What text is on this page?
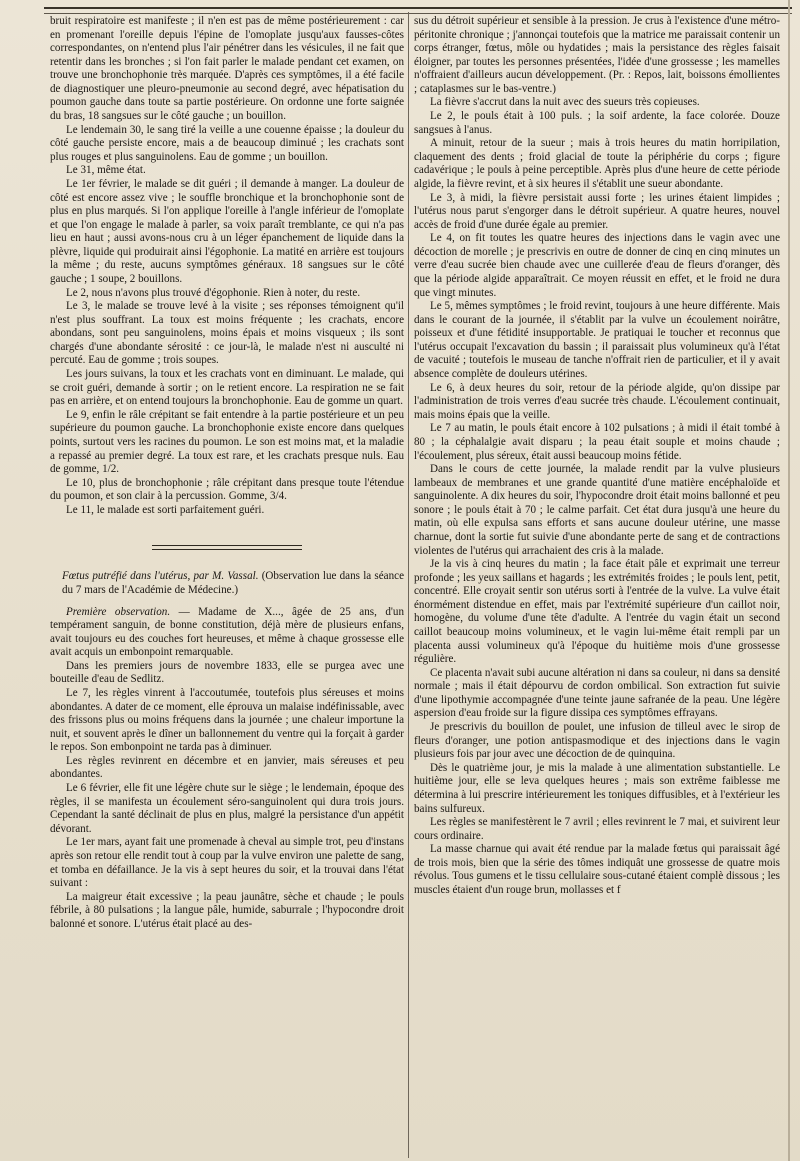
bruit respiratoire est manifeste ; il n'en est pas de même postérieurement : car en promenant l'oreille depuis l'épine de l'omoplate jusqu'aux fausses-côtes correspondantes, on n'entend plus l'air pénétrer dans les vésicules, il ne fait que retentir dans les bronches ; si l'on fait parler le malade pendant cet examen, on trouve une bronchophonie très marquée. D'après ces symptômes, il a été facile de diagnostiquer une pleuro-pneumonie au second degré, avec hépatisation du poumon gauche dans toute sa partie postérieure. On ordonne une forte saignée du bras, 18 sangsues sur le côté gauche ; un bouillon.

Le lendemain 30, le sang tiré la veille a une couenne épaisse ; la douleur du côté gauche persiste encore, mais a de beaucoup diminué ; les crachats sont plus rouges et plus sanguinolens. Eau de gomme ; un bouillon.

Le 31, même état.

Le 1er février, le malade se dit guéri ; il demande à manger. La douleur de côté est encore assez vive ; le souffle bronchique et la bronchophonie sont de plus en plus marqués. Si l'on applique l'oreille à l'angle inférieur de l'omoplate et que l'on engage le malade à parler, sa voix paraît tremblante, ce qui n'a pas lieu en haut ; aussi avons-nous cru à un léger épanchement de liquide dans la plèvre, liquide qui produirait ainsi l'égophonie. La matité en arrière est toujours la même ; du reste, aucuns symptômes généraux. 18 sangsues sur le côté gauche ; 1 soupe, 2 bouillons.

Le 2, nous n'avons plus trouvé d'égophonie. Rien à noter, du reste.

Le 3, le malade se trouve levé à la visite ; ses réponses témoignent qu'il n'est plus souffrant. La toux est moins fréquente ; les crachats, encore abondans, sont peu sanguinolens, moins épais et moins visqueux ; ils sont chargés d'une abondante sérosité : ce jour-là, le malade n'est ni ausculté ni percuté. Eau de gomme ; trois soupes.

Les jours suivans, la toux et les crachats vont en diminuant. Le malade, qui se croit guéri, demande à sortir ; on le retient encore. La respiration ne se fait pas en arrière, et on entend toujours la bronchophonie. Eau de gomme un quart.

Le 9, enfin le râle crépitant se fait entendre à la partie postérieure et un peu supérieure du poumon gauche. La bronchophonie existe encore dans quelques points, surtout vers les racines du poumon. Le son est moins mat, et la maladie a repassé au premier degré. La toux est rare, et les crachats presque nuls. Eau de gomme, 1/2.

Le 10, plus de bronchophonie ; râle crépitant dans presque toute l'étendue du poumon, et son clair à la percussion. Gomme, 3/4.

Le 11, le malade est sorti parfaitement guéri.

Fœtus putréfié dans l'utérus, par M. Vassal. (Observation lue dans la séance du 7 mars de l'Académie de Médecine.)

Première observation. — Madame de X..., âgée de 25 ans, d'un tempérament sanguin, de bonne constitution, déjà mère de plusieurs enfans, avait toujours eu des couches fort heureuses, et même à chaque grossesse elle avait acquis un embonpoint remarquable.

Dans les premiers jours de novembre 1833, elle se purgea avec une bouteille d'eau de Sedlitz.

Le 7, les règles vinrent à l'accoutumée, toutefois plus séreuses et moins abondantes. A dater de ce moment, elle éprouva un malaise indéfinissable, avec des frissons plus ou moins fréquens dans la journée ; une chaleur importune la nuit, et souvent après le dîner un ballonnement du ventre qui la forçait à garder le repos. Son embonpoint ne tarda pas à diminuer.

Les règles revinrent en décembre et en janvier, mais séreuses et peu abondantes.

Le 6 février, elle fit une légère chute sur le siège ; le lendemain, époque des règles, il se manifesta un écoulement séro-sanguinolent qui dura trois jours. Cependant la santé déclinait de plus en plus, malgré la persistance d'un appétit dévorant.

Le 1er mars, ayant fait une promenade à cheval au simple trot, peu d'instans après son retour elle rendit tout à coup par la vulve environ une palette de sang, et tomba en défaillance. Je la vis à sept heures du soir, et la trouvai dans l'état suivant :

La maigreur était excessive ; la peau jaunâtre, sèche et chaude ; le pouls fébrile, à 80 pulsations ; la langue pâle, humide, saburrale ; l'hypocondre droit balonné et sonore. L'utérus était placé au des-

sus du détroit supérieur et sensible à la pression. Je crus à l'existence d'une métro-péritonite chronique ; j'annonçai toutefois que la matrice me paraissait contenir un corps étranger, fœtus, môle ou hydatides ; mais la persistance des règles faisait éloigner, par toutes les personnes présentées, l'idée d'une grossesse ; les mamelles n'offraient d'ailleurs aucun développement. (Pr. : Repos, lait, boissons émollientes ; cataplasmes sur le bas-ventre.)

La fièvre s'accrut dans la nuit avec des sueurs très copieuses.

Le 2, le pouls était à 100 puls. ; la soif ardente, la face colorée. Douze sangsues à l'anus.

A minuit, retour de la sueur ; mais à trois heures du matin horripilation, claquement des dents ; froid glacial de toute la périphérie du corps ; figure cadavérique ; le pouls à peine perceptible. Après plus d'une heure de cette période algide, la fièvre revint, et à six heures il s'établit une sueur abondante.

Le 3, à midi, la fièvre persistait aussi forte ; les urines étaient limpides ; l'utérus nous parut s'engorger dans le détroit supérieur. A quatre heures, nouvel accès de froid d'une durée égale au premier.

Le 4, on fit toutes les quatre heures des injections dans le vagin avec une décoction de morelle ; je prescrivis en outre de donner de cinq en cinq minutes un verre d'eau sucrée bien chaude avec une cuillerée d'eau de fleurs d'oranger, dès que la période algide apparaîtrait. Ce moyen réussit en effet, et le froid ne dura que vingt minutes.

Le 5, mêmes symptômes ; le froid revint, toujours à une heure différente. Mais dans le courant de la journée, il s'établit par la vulve un écoulement noirâtre, poisseux et d'une fétidité insupportable. Je pratiquai le toucher et reconnus que l'utérus occupait l'excavation du bassin ; il paraissait plus volumineux qu'à l'état de vacuité ; toutefois le museau de tanche n'offrait rien de particulier, et il y avait absence complète de douleurs utérines.

Le 6, à deux heures du soir, retour de la période algide, qu'on dissipe par l'administration de trois verres d'eau sucrée très chaude. L'écoulement continuait, mais moins épais que la veille.

Le 7 au matin, le pouls était encore à 102 pulsations ; à midi il était tombé à 80 ; la céphalalgie avait disparu ; la peau était souple et moins chaude ; l'écoulement, plus séreux, était aussi beaucoup moins fétide.

Dans le cours de cette journée, la malade rendit par la vulve plusieurs lambeaux de membranes et une grande quantité d'une matière encéphaloïde et sanguinolente. A dix heures du soir, l'hypocondre droit était moins ballonné et peu sonore ; le pouls était à 70 ; le calme parfait. Cet état dura jusqu'à une heure du matin, où elle expulsa sans efforts et sans aucune douleur utérine, une masse charnue, dont la sortie fut suivie d'une abondante perte de sang et de contractions violentes de l'utérus qui arrachaient des cris à la malade.

Je la vis à cinq heures du matin ; la face était pâle et exprimait une terreur profonde ; les yeux saillans et hagards ; les extrémités froides ; le pouls lent, petit, concentré. Elle croyait sentir son utérus sorti à l'entrée de la vulve. La vulve était énormément distendue en effet, mais par l'extrémité supérieure d'un caillot noir, homogène, du volume d'une tête d'adulte. A l'entrée du vagin était un second caillot beaucoup moins volumineux, et le vagin lui-même était rempli par un placenta aussi volumineux qu'à l'époque du huitième mois d'une grossesse régulière.

Ce placenta n'avait subi aucune altération ni dans sa couleur, ni dans sa densité normale ; mais il était dépourvu de cordon ombilical. Son extraction fut suivie d'une lipothymie accompagnée d'une teinte jaune safranée de la peau. Une légère aspersion d'eau froide sur la figure dissipa ces symptômes effrayans.

Je prescrivis du bouillon de poulet, une infusion de tilleul avec le sirop de fleurs d'oranger, une potion antispasmodique et des injections dans le vagin plusieurs fois par jour avec une décoction de de quinquina.

Dès le quatrième jour, je mis la malade à une alimentation substantielle. Le huitième jour, elle se leva quelques heures ; mais son extrême faiblesse me détermina à lui prescrire intérieurement les toniques diffusibles, et à l'extérieur les bains sulfureux.

Les règles se manifestèrent le 7 avril ; elles revinrent le 7 mai, et suivirent leur cours ordinaire.

La masse charnue qui avait été rendue par la malade fœtus qui paraissait âgé de trois mois, bien que la série des tômes indiquât une grossesse de quatre mois révolus. Tous gumens et le tissu cellulaire sous-cutané étaient complè dissous ; les muscles étaient d'un rouge brun, mollasses et f
